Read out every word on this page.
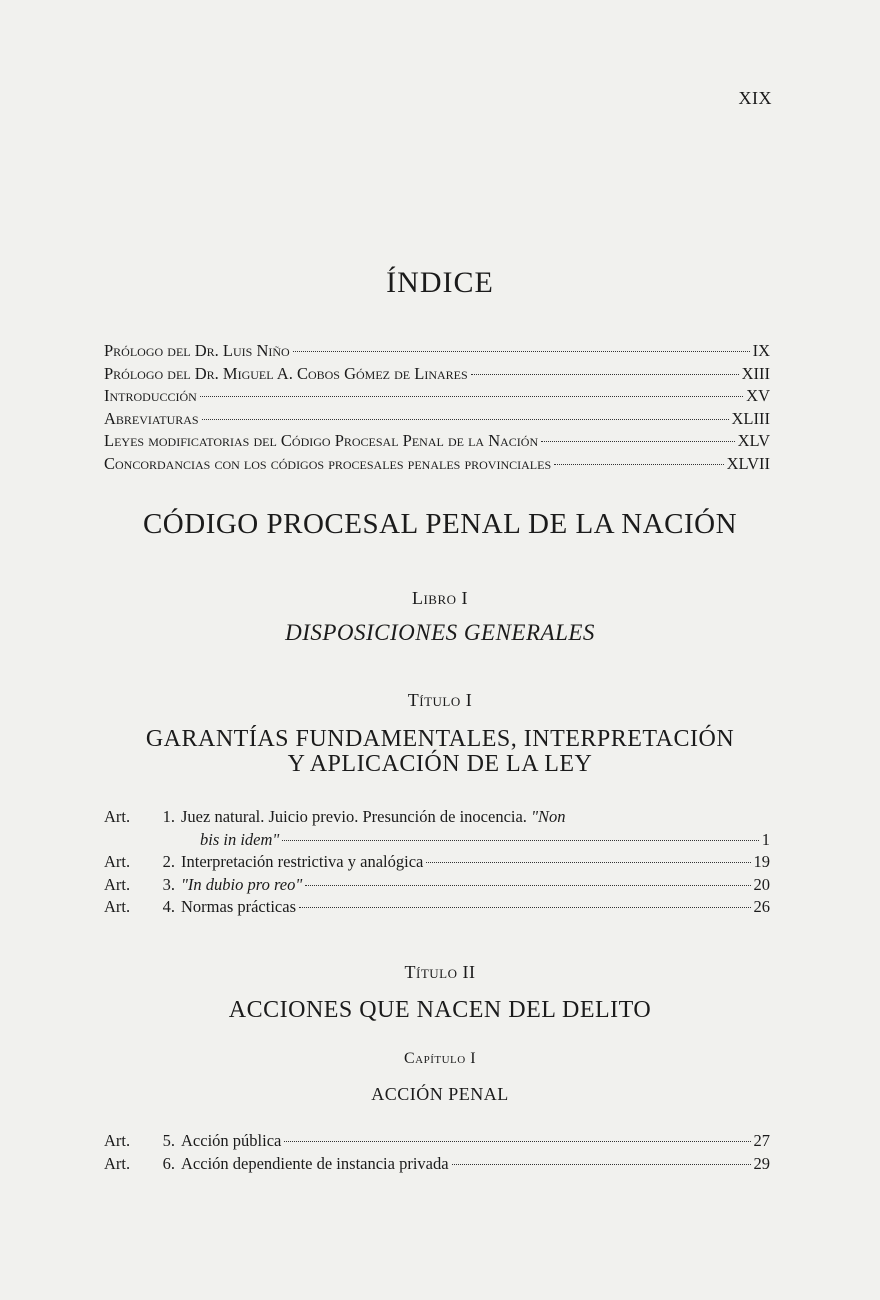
XIX
ÍNDICE
Prólogo del Dr. Luis Niño	IX
Prólogo del Dr. Miguel A. Cobos Gómez de Linares	XIII
Introducción	XV
Abreviaturas	XLIII
Leyes modificatorias del Código Procesal Penal de la Nación	XLV
Concordancias con los códigos procesales penales provinciales	XLVII
CÓDIGO PROCESAL PENAL DE LA NACIÓN
Libro I
DISPOSICIONES GENERALES
Título I
GARANTÍAS FUNDAMENTALES, INTERPRETACIÓN
Y APLICACIÓN DE LA LEY
Art.	1. Juez natural. Juicio previo. Presunción de inocencia. "Non
bis in idem"	1
Art.	2. Interpretación restrictiva y analógica	19
Art.	3. "In dubio pro reo"	20
Art.	4. Normas prácticas	26
Título II
ACCIONES QUE NACEN DEL DELITO
Capítulo I
ACCIÓN PENAL
Art.	5. Acción pública	27
Art.	6. Acción dependiente de instancia privada	29
